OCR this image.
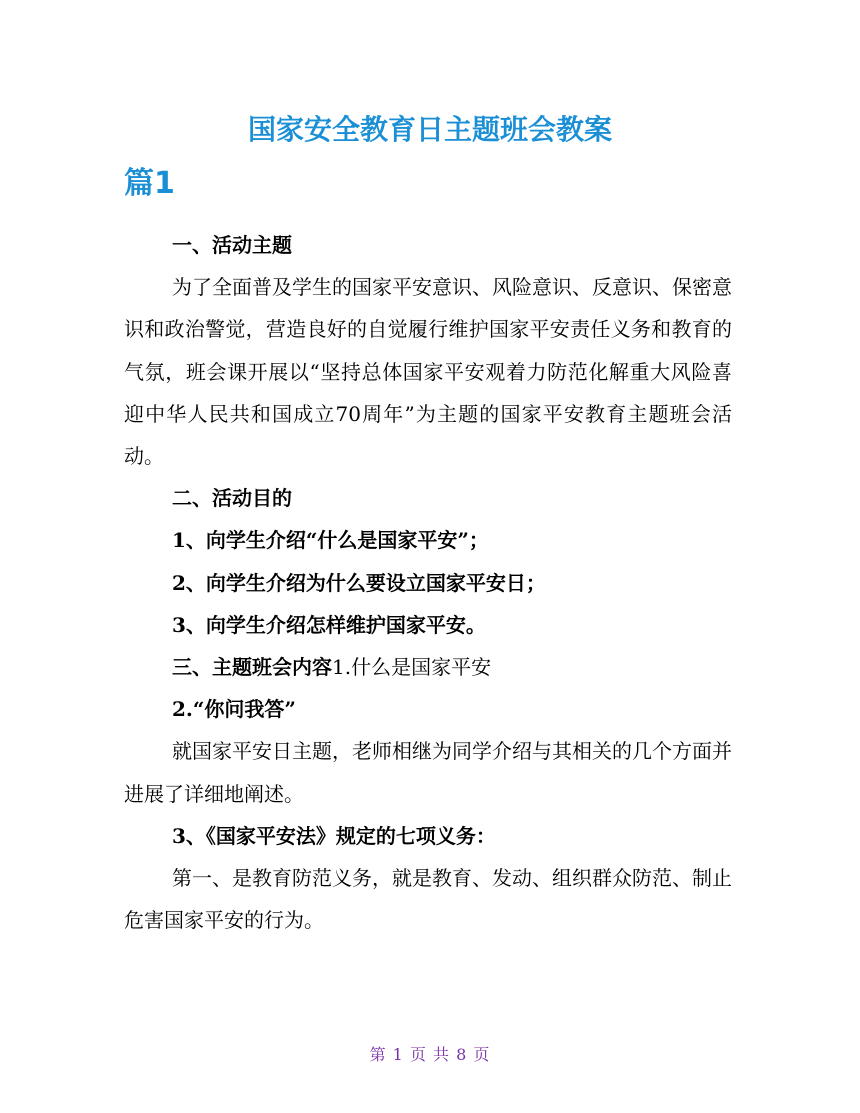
国家安全教育日主题班会教案
篇1

一、活动主题

为了全面普及学生的国家平安意识、风险意识、反意识、保密意识和政治警觉，营造良好的自觉履行维护国家平安责任义务和教育的气氛，班会课开展以“坚持总体国家平安观着力防范化解重大风险喜迎中华人民共和国成立70周年”为主题的国家平安教育主题班会活动。

二、活动目的

1、向学生介绍“什么是国家平安”；

2、向学生介绍为什么要设立国家平安日；

3、向学生介绍怎样维护国家平安。

三、主题班会内容1.什么是国家平安

2.“你问我答”

就国家平安日主题，老师相继为同学介绍与其相关的几个方面并进展了详细地阐述。

3、《国家平安法》规定的七项义务：

第一、是教育防范义务，就是教育、发动、组织群众防范、制止危害国家平安的行为。

第 1 页 共 8 页
